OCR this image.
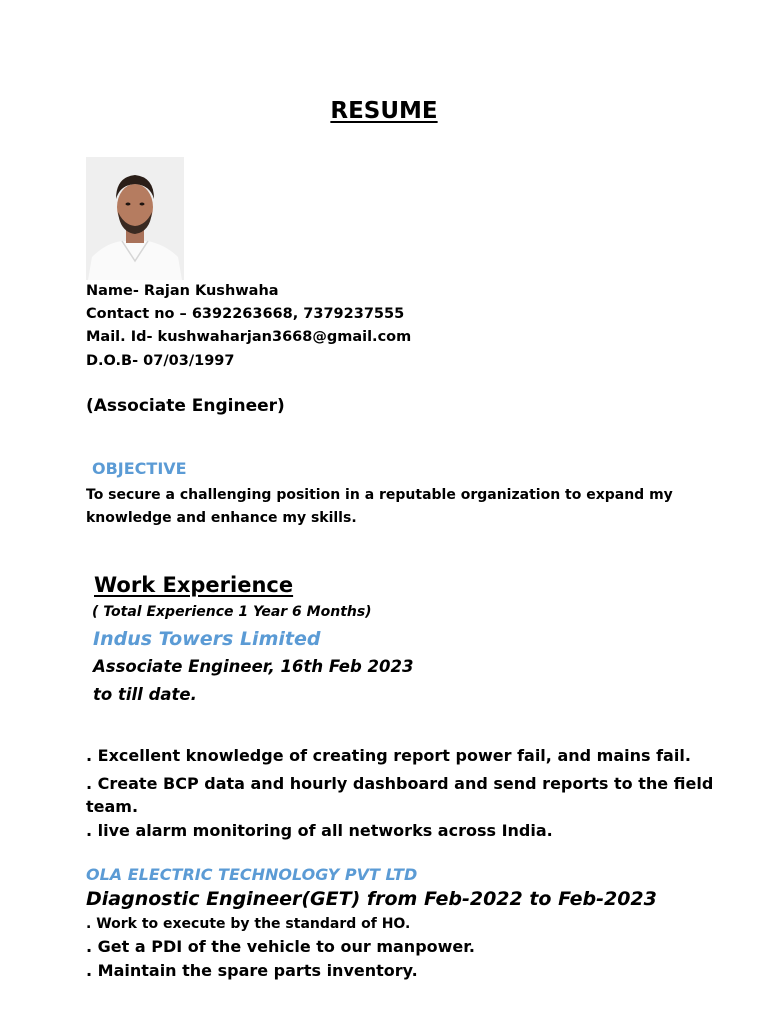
RESUME
Name- Rajan Kushwaha
Contact no – 6392263668, 7379237555
Mail. Id- kushwaharjan3668@gmail.com
D.O.B- 07/03/1997
(Associate Engineer)
OBJECTIVE
To secure a challenging position in a reputable organization to expand my knowledge and enhance my skills.
Work Experience
( Total Experience 1 Year 6 Months)
Indus Towers Limited
Associate Engineer, 16th Feb 2023
to till date.
. Excellent knowledge of creating report power fail, and mains fail.
. Create BCP data and hourly dashboard and send reports to the field
team.
. live alarm monitoring of all networks across India.
OLA ELECTRIC TECHNOLOGY PVT LTD
Diagnostic Engineer(GET) from Feb-2022 to Feb-2023
. Work to execute by the standard of HO.
. Get a PDI of the vehicle to our manpower.
. Maintain the spare parts inventory.
